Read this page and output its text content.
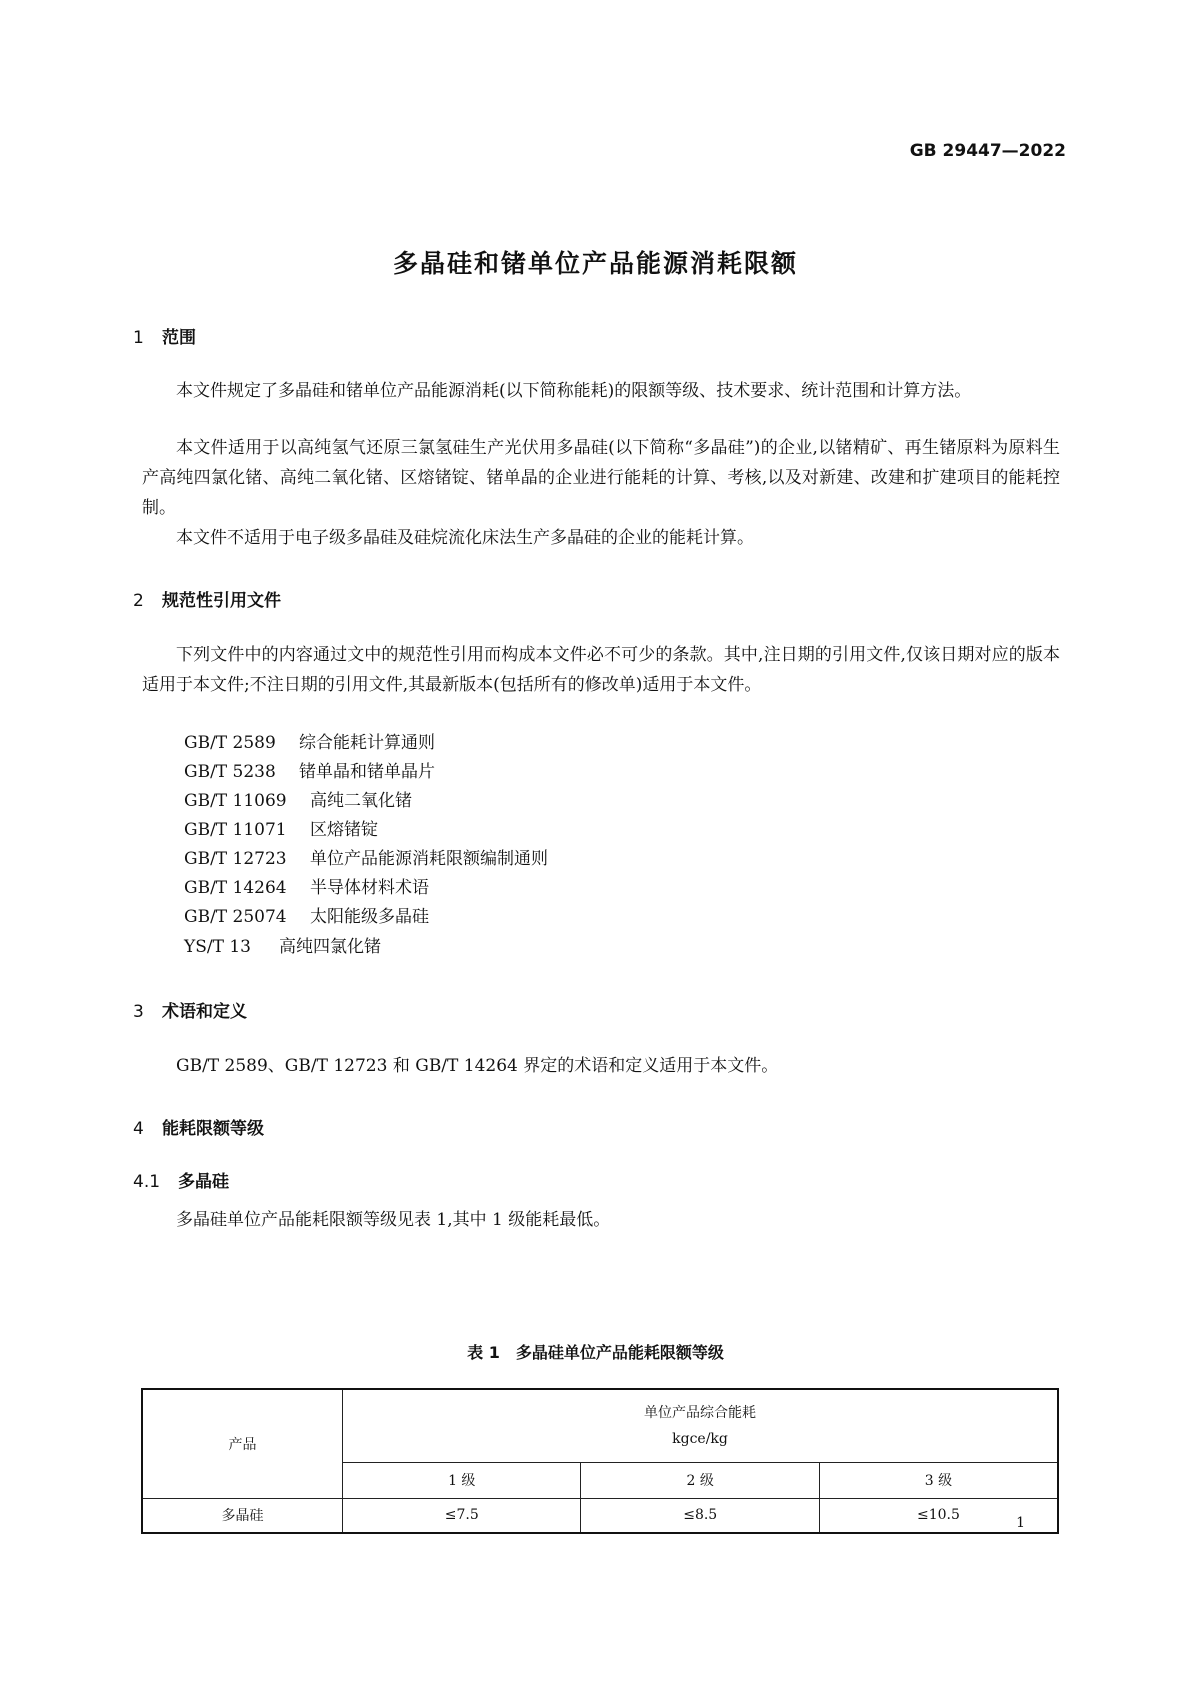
GB 29447—2022
多晶硅和锗单位产品能源消耗限额
1 范围
本文件规定了多晶硅和锗单位产品能源消耗(以下简称能耗)的限额等级、技术要求、统计范围和计算方法。
本文件适用于以高纯氢气还原三氯氢硅生产光伏用多晶硅(以下简称“多晶硅”)的企业,以锗精矿、再生锗原料为原料生产高纯四氯化锗、高纯二氧化锗、区熔锗锭、锗单晶的企业进行能耗的计算、考核,以及对新建、改建和扩建项目的能耗控制。
本文件不适用于电子级多晶硅及硅烷流化床法生产多晶硅的企业的能耗计算。
2 规范性引用文件
下列文件中的内容通过文中的规范性引用而构成本文件必不可少的条款。其中,注日期的引用文件,仅该日期对应的版本适用于本文件;不注日期的引用文件,其最新版本(包括所有的修改单)适用于本文件。
GB/T 2589 综合能耗计算通则
GB/T 5238 锗单晶和锗单晶片
GB/T 11069 高纯二氧化锗
GB/T 11071 区熔锗锭
GB/T 12723 单位产品能源消耗限额编制通则
GB/T 14264 半导体材料术语
GB/T 25074 太阳能级多晶硅
YS/T 13 高纯四氯化锗
3 术语和定义
GB/T 2589、GB/T 12723 和 GB/T 14264 界定的术语和定义适用于本文件。
4 能耗限额等级
4.1 多晶硅
多晶硅单位产品能耗限额等级见表 1,其中 1 级能耗最低。
表 1　多晶硅单位产品能耗限额等级
产品	单位产品综合能耗
kgce/kg		

	1 级	2 级	3 级
多晶硅	≤7.5	≤8.5	≤10.5	1
